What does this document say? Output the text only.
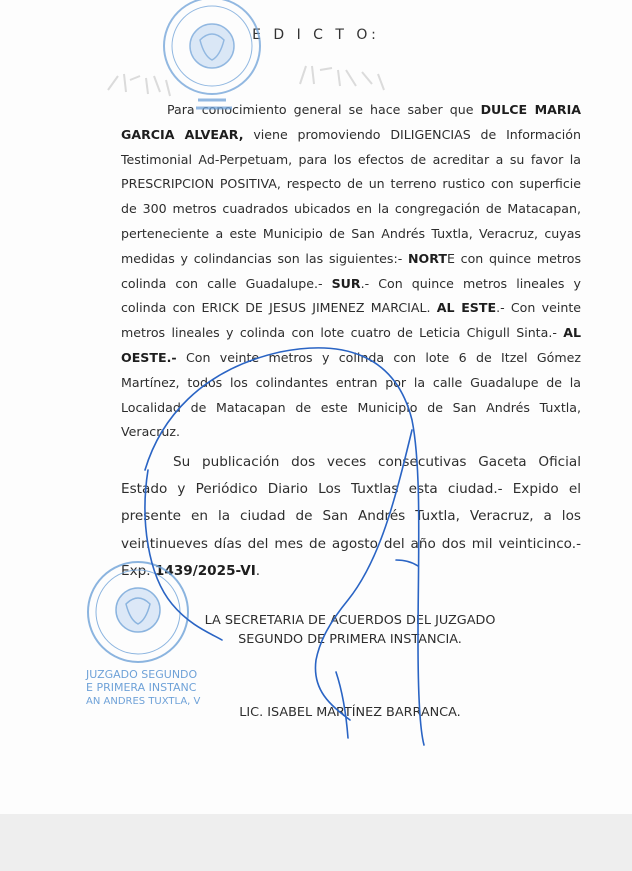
E D I C T O:
Para conocimiento general se hace saber que DULCE MARIA GARCIA ALVEAR, viene promoviendo DILIGENCIAS de Información Testimonial Ad-Perpetuam, para los efectos de acreditar a su favor la PRESCRIPCION POSITIVA, respecto de un terreno rustico con superficie de 300 metros cuadrados ubicados en la congregación de Matacapan, perteneciente a este Municipio de San Andrés Tuxtla, Veracruz, cuyas medidas y colindancias son las siguientes:- NORTE con quince metros colinda con calle Guadalupe.- SUR.- Con quince metros lineales y colinda con ERICK DE JESUS JIMENEZ MARCIAL. AL ESTE.- Con veinte metros lineales y colinda con lote cuatro de Leticia Chigull Sinta.- AL OESTE.- Con veinte metros y colinda con lote 6 de Itzel Gómez Martínez, todos los colindantes entran por la calle Guadalupe de la Localidad de Matacapan de este Municipio de San Andrés Tuxtla, Veracruz.
Su publicación dos veces consecutivas Gaceta Oficial Estado y Periódico Diario Los Tuxtlas esta ciudad.- Expido el presente en la ciudad de San Andrés Tuxtla, Veracruz, a los veintinueves días del mes de agosto del año dos mil veinticinco.- Exp. 1439/2025-VI.
LA SECRETARIA DE ACUERDOS DEL JUZGADO
SEGUNDO DE PRIMERA INSTANCIA.
LIC. ISABEL MARTÍNEZ BARRANCA.
JUZGADO SEGUNDO
E PRIMERA INSTANC
AN ANDRES TUXTLA, V
